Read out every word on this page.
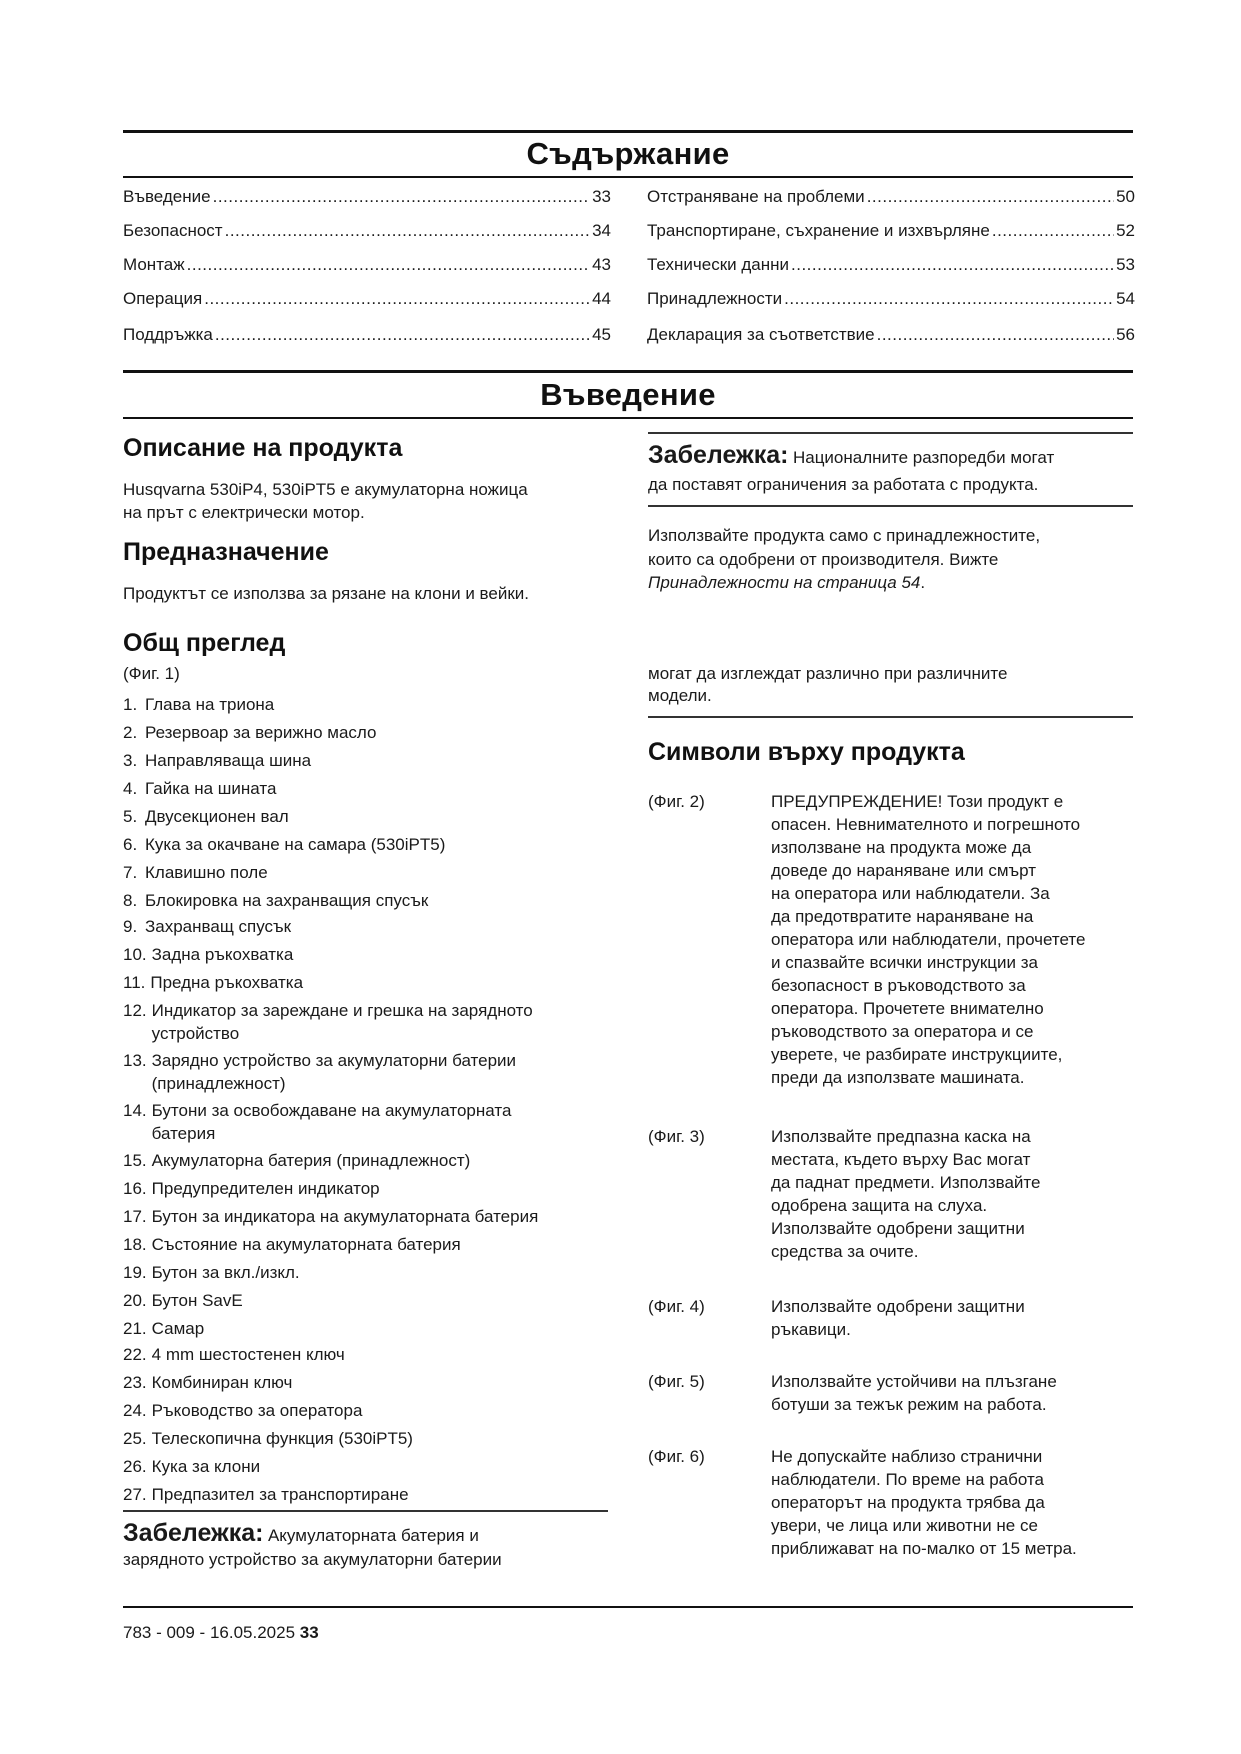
Съдържание
Въведение .....	33
Безопасност .....	34
Монтаж .....	43
Операция .....	44
Поддръжка .....	45
Отстраняване на проблеми .....	50
Транспортиране, съхранение и изхвърляне .....	52
Технически данни .....	53
Принадлежности .....	54
Декларация за съответствие .....	56
Въведение
Описание на продукта

Husqvarna 530iP4, 530iPT5 е акумулаторна ножица

на прът с електрически мотор.

Предназначение

Продуктът се използва за рязане на клони и вейки.

Общ преглед

(Фиг. 1)

1. Глава на триона
2. Резервоар за верижно масло
3. Направляваща шина
4. Гайка на шината
5. Двусекционен вал
6. Кука за окачване на самара (530iPT5)
7. Клавишно поле
8. Блокировка на захранващия спусък
9. Захранващ спусък
10. Задна ръкохватка
11. Предна ръкохватка
12. Индикатор за зареждане и грешка на зарядното
устройство
13. Зарядно устройство за акумулаторни батерии
(принадлежност)
14. Бутони за освобождаване на акумулаторната
батерия
15. Акумулаторна батерия (принадлежност)
16. Предупредителен индикатор
17. Бутон за индикатора на акумулаторната батерия
18. Състояние на акумулаторната батерия
19. Бутон за вкл./изкл.
20. Бутон SavE
21. Самар
22. 4 mm шестостенен ключ
23. Комбиниран ключ
24. Ръководство за оператора
25. Телескопична функция (530iPT5)
26. Кука за клони
27. Предпазител за транспортиране
Забележка: Акумулаторната батерия и

зарядното устройство за акумулаторни батерии

Забележка: Националните разпоредби могат

да поставят ограничения за работата с продукта.

Използвайте продукта само с принадлежностите,

които са одобрени от производителя. Вижте

Принадлежности на страница 54.

могат да изглеждат различно при различните

модели.

Символи върху продукта
(Фиг. 2)	ПРЕДУПРЕЖДЕНИЕ! Този продукт е
опасен. Невнимателното и погрешното
използване на продукта може да
доведе до нараняване или смърт
на оператора или наблюдатели. За
да предотвратите нараняване на
оператора или наблюдатели, прочетете
и спазвайте всички инструкции за
безопасност в ръководството за
оператора. Прочетете внимателно
ръководството за оператора и се
уверете, че разбирате инструкциите,
преди да използвате машината.
(Фиг. 3)	Използвайте предпазна каска на
местата, където върху Вас могат
да паднат предмети. Използвайте
одобрена защита на слуха.
Използвайте одобрени защитни
средства за очите.
(Фиг. 4)	Използвайте одобрени защитни
ръкавици.
(Фиг. 5)	Използвайте устойчиви на плъзгане
ботуши за тежък режим на работа.
(Фиг. 6)	Не допускайте наблизо странични
наблюдатели. По време на работа
операторът на продукта трябва да
увери, че лица или животни не се
приближават на по-малко от 15 метра.
783 - 009 - 16.05.2025 33
